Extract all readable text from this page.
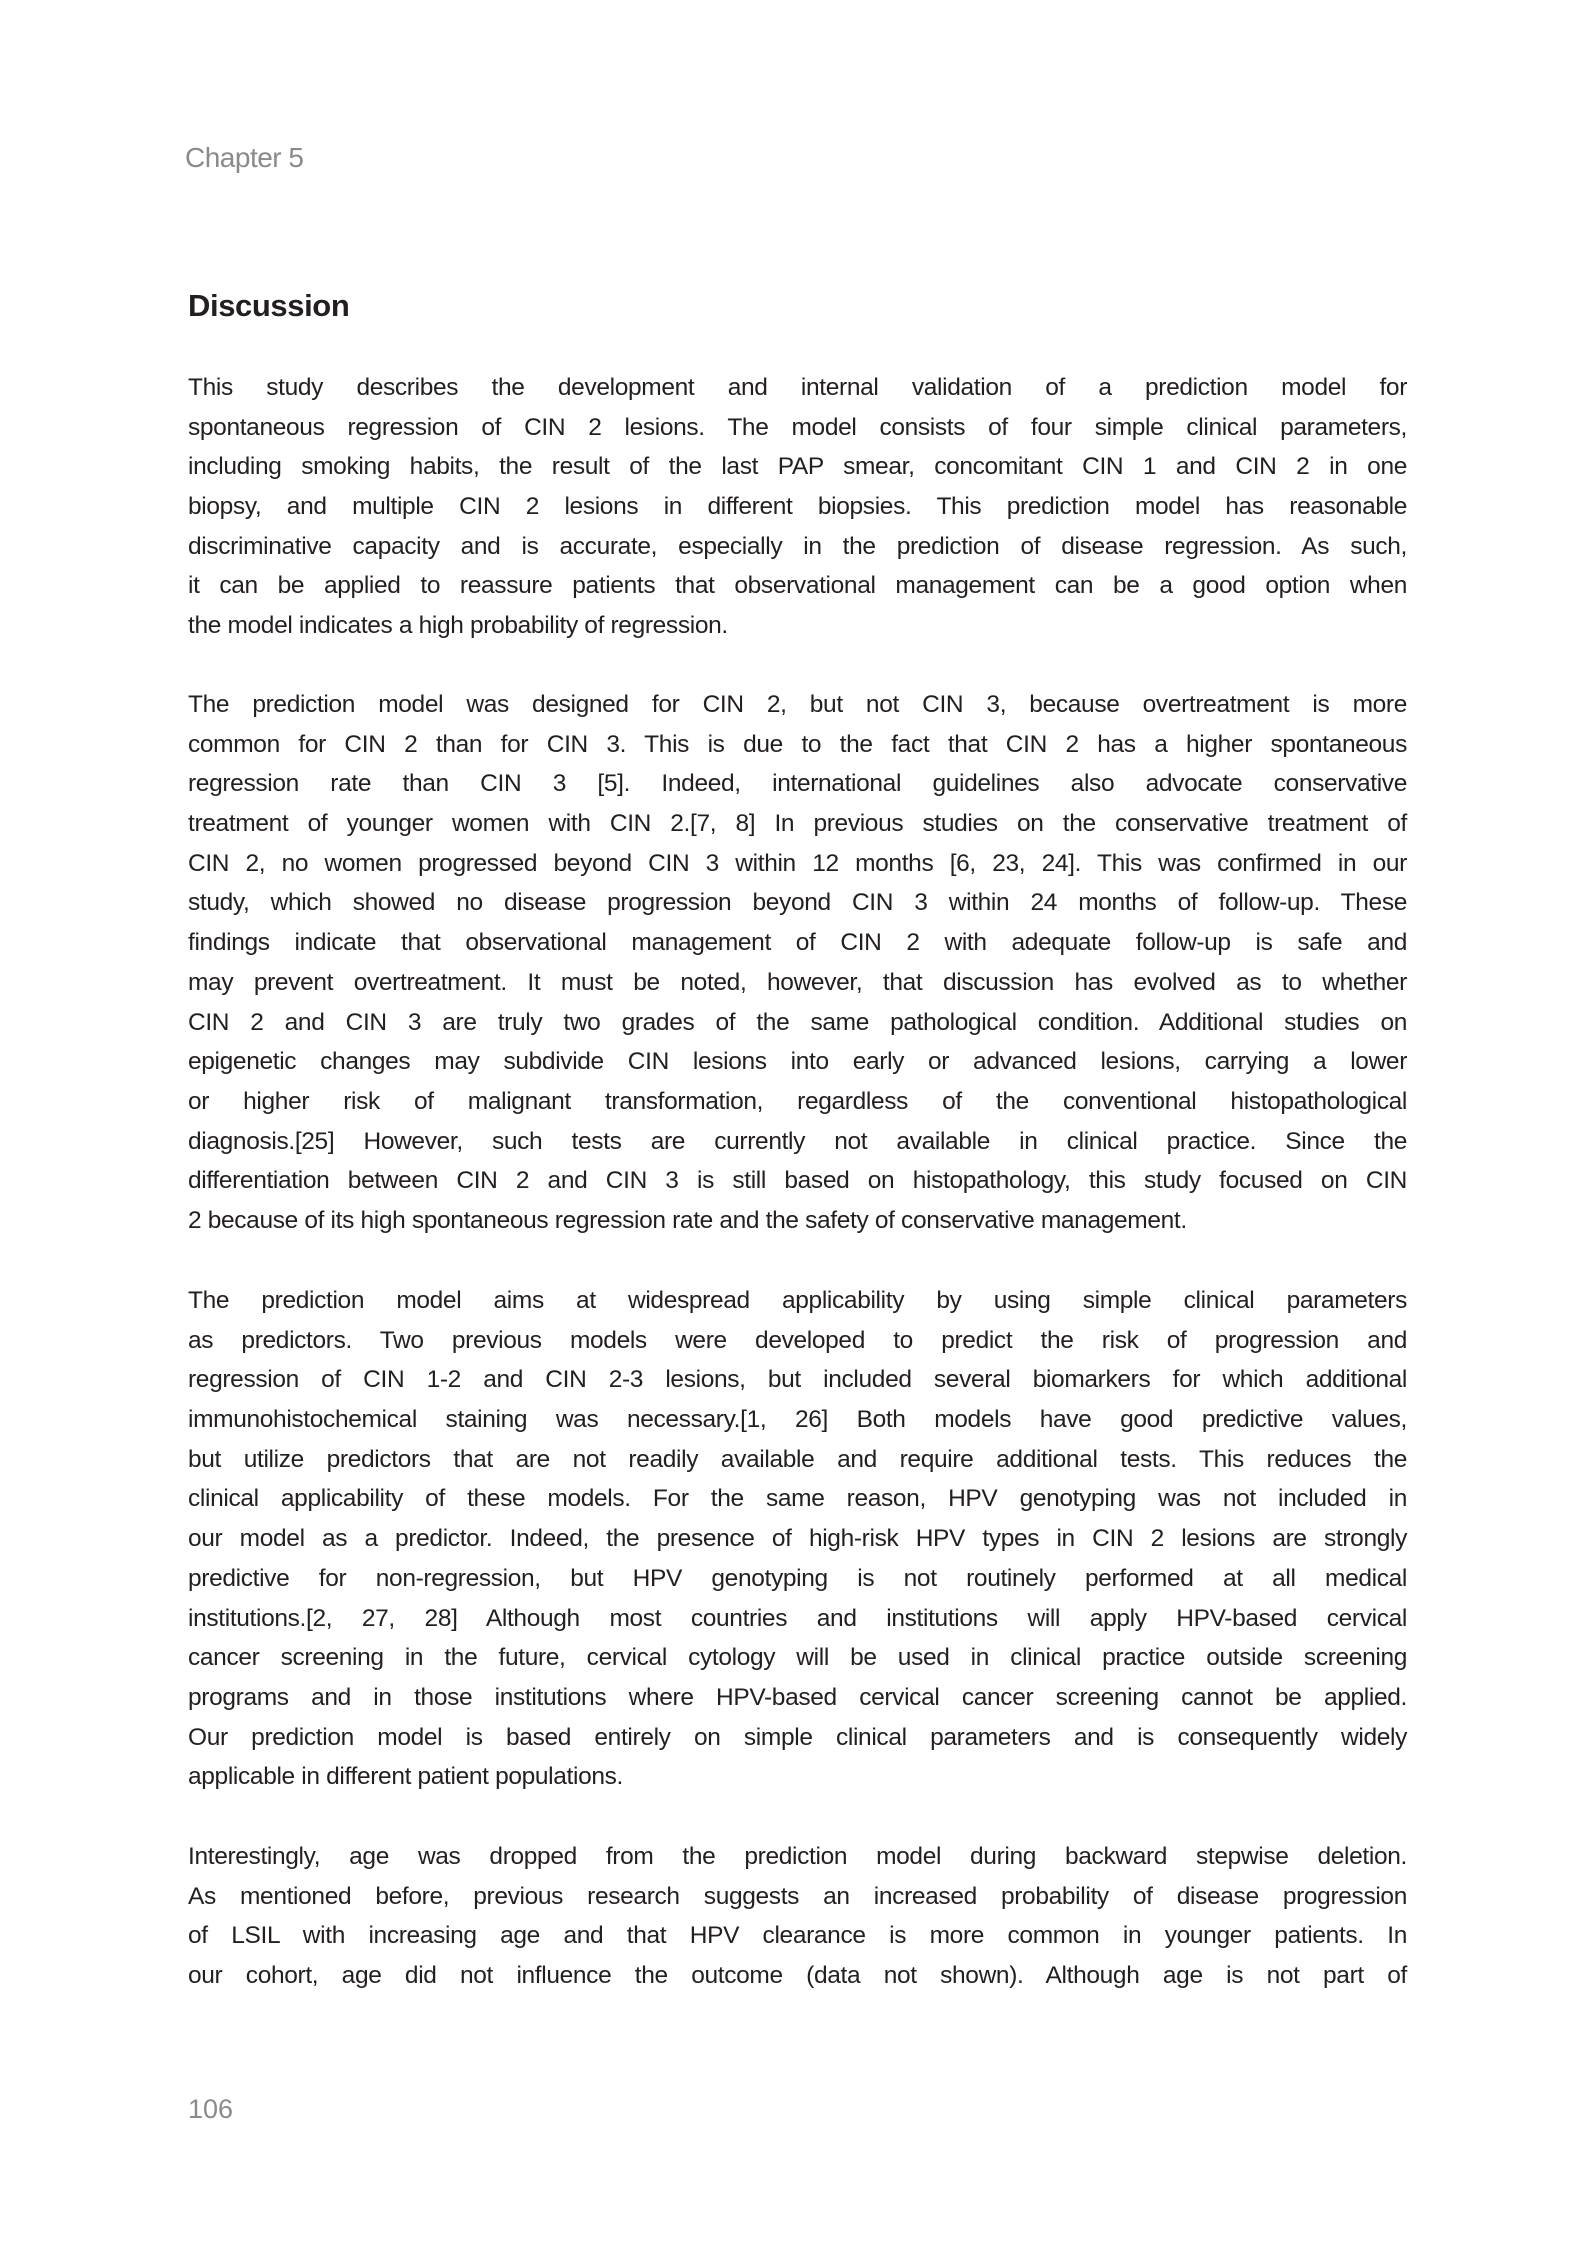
Chapter 5
Discussion
This study describes the development and internal validation of a prediction model for
spontaneous regression of CIN 2 lesions. The model consists of four simple clinical parameters,
including smoking habits, the result of the last PAP smear, concomitant CIN 1 and CIN 2 in one
biopsy, and multiple CIN 2 lesions in different biopsies. This prediction model has reasonable
discriminative capacity and is accurate, especially in the prediction of disease regression. As such,
it can be applied to reassure patients that observational management can be a good option when
the model indicates a high probability of regression.
The prediction model was designed for CIN 2, but not CIN 3, because overtreatment is more
common for CIN 2 than for CIN 3. This is due to the fact that CIN 2 has a higher spontaneous
regression rate than CIN 3 [5]. Indeed, international guidelines also advocate conservative
treatment of younger women with CIN 2.[7, 8] In previous studies on the conservative treatment of
CIN 2, no women progressed beyond CIN 3 within 12 months [6, 23, 24]. This was confirmed in our
study, which showed no disease progression beyond CIN 3 within 24 months of follow-up. These
findings indicate that observational management of CIN 2 with adequate follow-up is safe and
may prevent overtreatment. It must be noted, however, that discussion has evolved as to whether
CIN 2 and CIN 3 are truly two grades of the same pathological condition. Additional studies on
epigenetic changes may subdivide CIN lesions into early or advanced lesions, carrying a lower
or higher risk of malignant transformation, regardless of the conventional histopathological
diagnosis.[25] However, such tests are currently not available in clinical practice. Since the
differentiation between CIN 2 and CIN 3 is still based on histopathology, this study focused on CIN
2 because of its high spontaneous regression rate and the safety of conservative management.
The prediction model aims at widespread applicability by using simple clinical parameters
as predictors. Two previous models were developed to predict the risk of progression and
regression of CIN 1-2 and CIN 2-3 lesions, but included several biomarkers for which additional
immunohistochemical staining was necessary.[1, 26] Both models have good predictive values,
but utilize predictors that are not readily available and require additional tests. This reduces the
clinical applicability of these models. For the same reason, HPV genotyping was not included in
our model as a predictor. Indeed, the presence of high-risk HPV types in CIN 2 lesions are strongly
predictive for non-regression, but HPV genotyping is not routinely performed at all medical
institutions.[2, 27, 28] Although most countries and institutions will apply HPV-based cervical
cancer screening in the future, cervical cytology will be used in clinical practice outside screening
programs and in those institutions where HPV-based cervical cancer screening cannot be applied.
Our prediction model is based entirely on simple clinical parameters and is consequently widely
applicable in different patient populations.
Interestingly, age was dropped from the prediction model during backward stepwise deletion.
As mentioned before, previous research suggests an increased probability of disease progression
of LSIL with increasing age and that HPV clearance is more common in younger patients. In
our cohort, age did not influence the outcome (data not shown). Although age is not part of
106
